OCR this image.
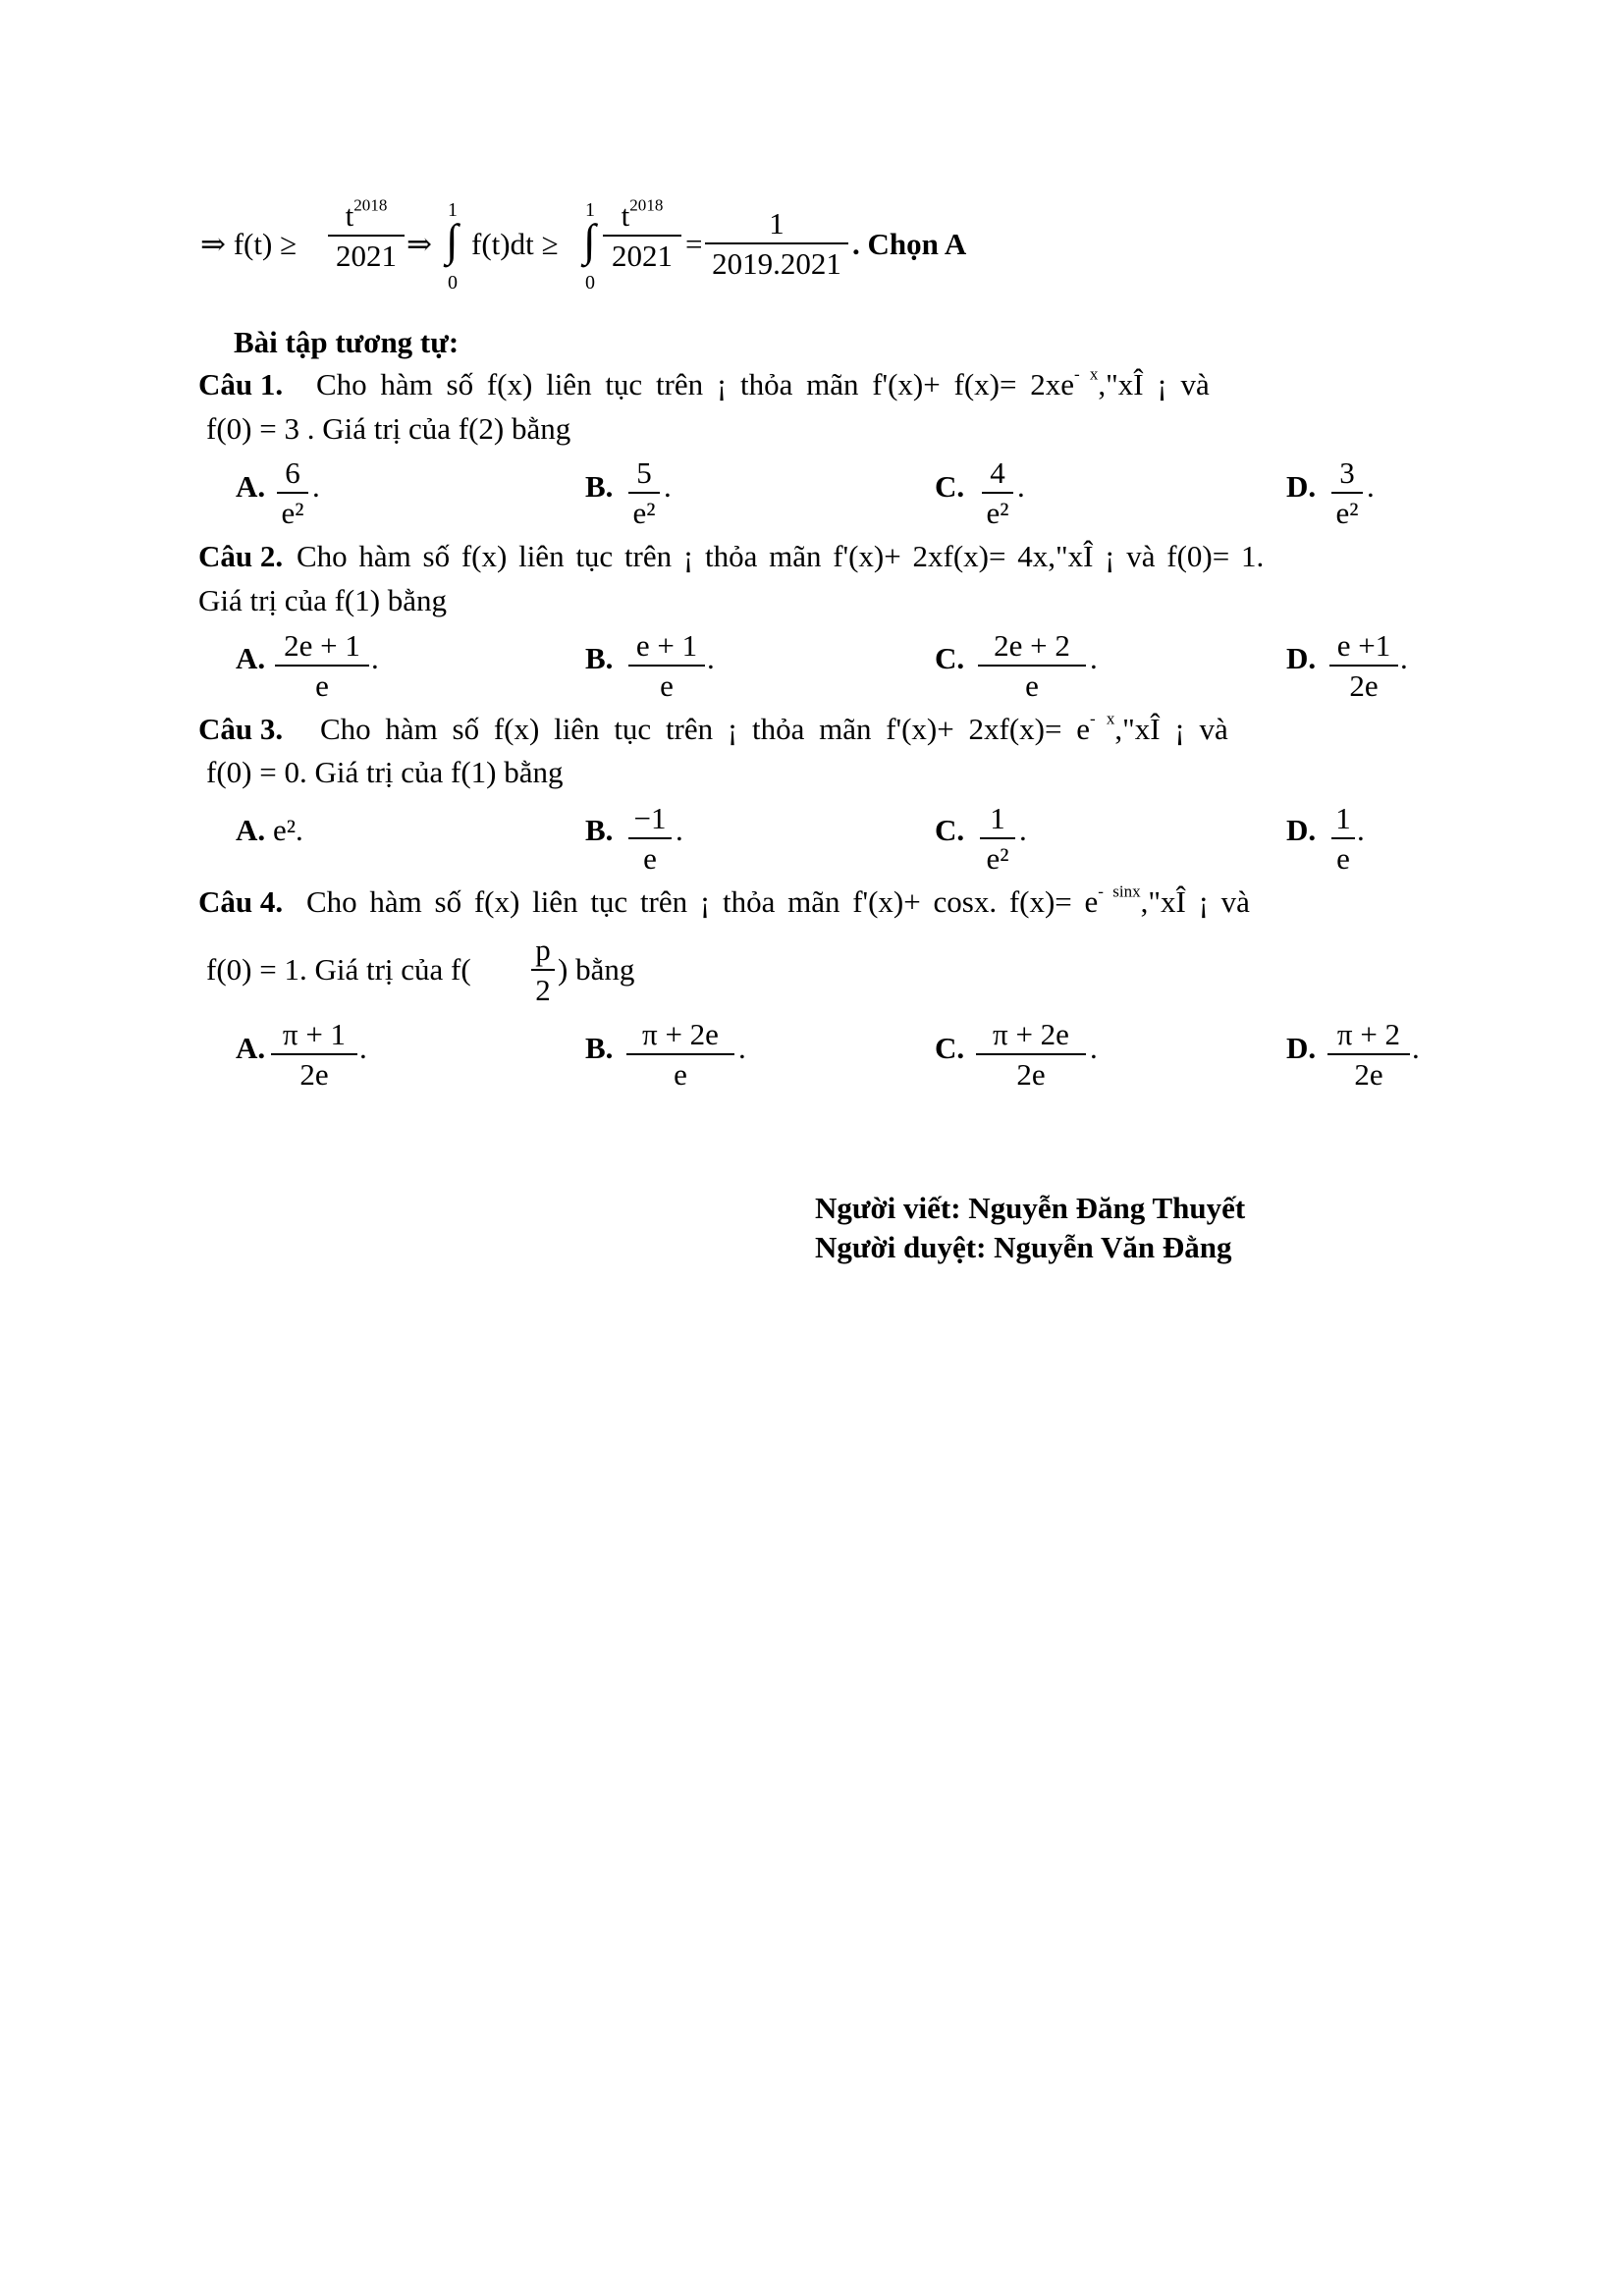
⇒ f(t) ≥
$t^{2018}$
2021 ⇒ ∫
1
0
f(t)dt ≥ ∫
1
0
$t^{2018}$
2021 =
1
2019.2021
. Chọn A
Bài tập tương tự:
Câu 1. Cho hàm số f(x) liên tục trên ¡ thỏa mãn $f'(x)+ f(x)= 2xe^{- x},"xÎ$ ¡ và
f(0) = 3 . Giá trị của f(2) bằng
A. 6
e²
.	B. 5
e²
.	C. 4
e²
.	D. 3
e²
.
Câu 2. Cho hàm số f(x) liên tục trên ¡ thỏa mãn f'(x)+ 2xf(x)= 4x,"xÎ ¡ và f(0)= 1.
Giá trị của f(1) bằng
A. 2e + 1
e
.	B. e + 1
e
.	C. 2e + 2
e
.	D. e +1
2e
.
Câu 3. Cho hàm số f(x) liên tục trên ¡ thỏa mãn $f'(x)+ 2xf(x)= e^{- x},"xÎ$ ¡ và
f(0) = 0. Giá trị của f(1) bằng
A. e².	B. −1
e
.	C. 1
e²
.	D. 1
e
.
Câu 4. Cho hàm số f(x) liên tục trên ¡ thỏa mãn f'(x)+ cosx. $f(x)= e^{- sinx},"xÎ$ ¡ và
f(0) = 1. Giá trị của f(
p
2
) bằng
A. π + 1
2e
.	B. π + 2e
e
.	C. π + 2e
2e
.	D. π + 2
2e
.
Người viết: Nguyễn Đăng Thuyết
Người duyệt: Nguyễn Văn Đằng
